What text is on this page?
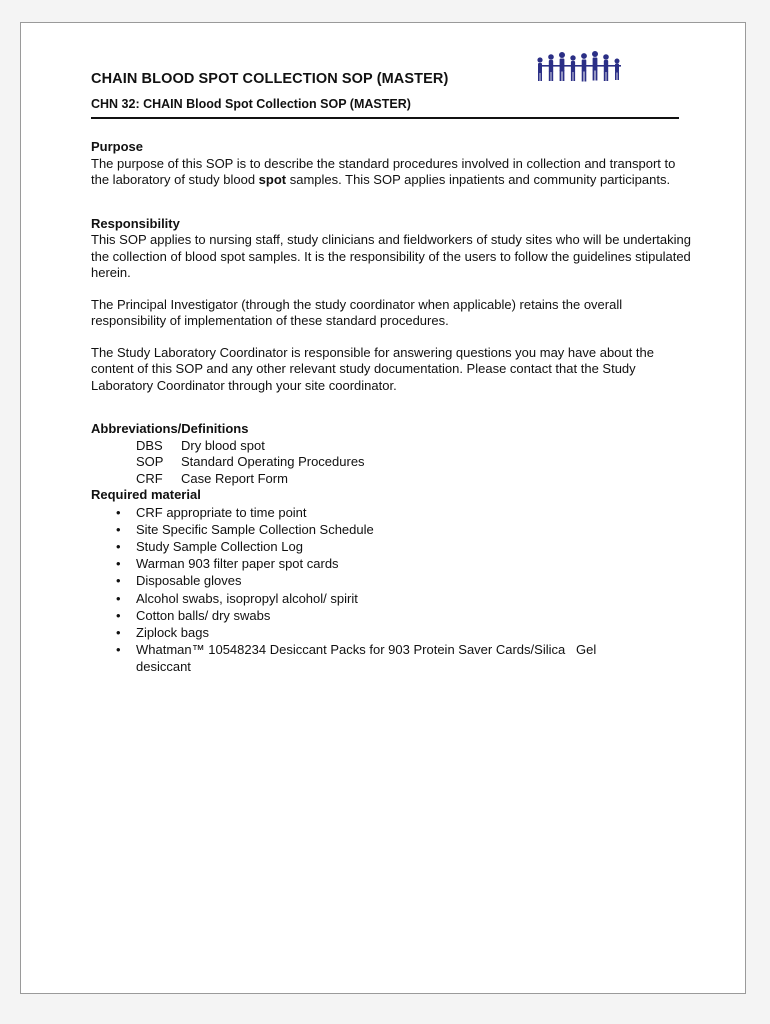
CHAIN BLOOD SPOT COLLECTION SOP (MASTER)
CHN 32: CHAIN Blood Spot Collection SOP (MASTER)
Purpose

The purpose of this SOP is to describe the standard procedures involved in collection and transport to the laboratory of study blood spot samples. This SOP applies inpatients and community participants.

Responsibility

This SOP applies to nursing staff, study clinicians and fieldworkers of study sites who will be undertaking the collection of blood spot samples. It is the responsibility of the users to follow the guidelines stipulated herein.

The Principal Investigator (through the study coordinator when applicable) retains the overall responsibility of implementation of these standard procedures.

The Study Laboratory Coordinator is responsible for answering questions you may have about the content of this SOP and any other relevant study documentation. Please contact that the Study Laboratory Coordinator through your site coordinator.

Abbreviations/Definitions
DBS	Dry blood spot
SOP	Standard Operating Procedures
CRF	Case Report Form
Required material
• CRF appropriate to time point
• Site Specific Sample Collection Schedule
• Study Sample Collection Log
• Warman 903 filter paper spot cards
• Disposable gloves
• Alcohol swabs, isopropyl alcohol/ spirit
• Cotton balls/ dry swabs
• Ziplock bags
• Whatman™ 10548234 Desiccant Packs for 903 Protein Saver Cards/Silica   Gel
desiccant
